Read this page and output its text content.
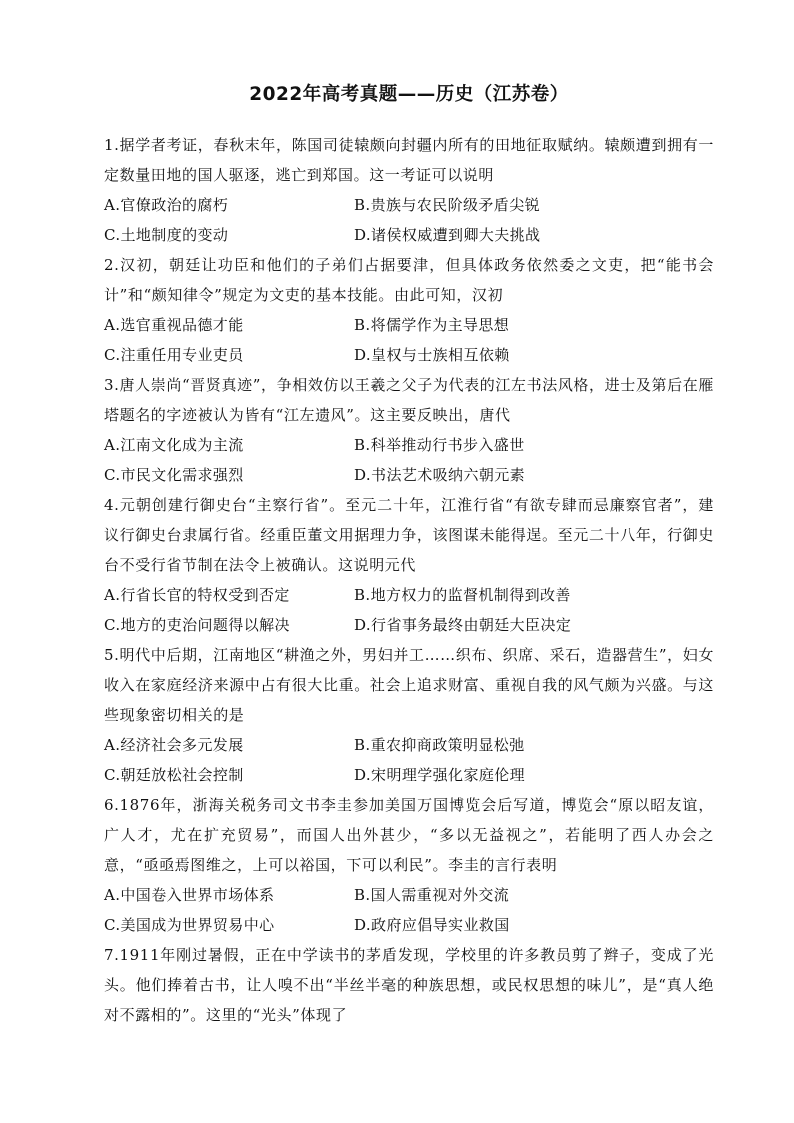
2022年高考真题——历史（江苏卷）

1.据学者考证，春秋末年，陈国司徒辕颇向封疆内所有的田地征取赋纳。辕颇遭到拥有一定数量田地的国人驱逐，逃亡到郑国。这一考证可以说明

A.官僚政治的腐朽	B.贵族与农民阶级矛盾尖锐
C.土地制度的变动	D.诸侯权威遭到卿大夫挑战

2.汉初，朝廷让功臣和他们的子弟们占据要津，但具体政务依然委之文吏，把“能书会计”和“颇知律令”规定为文吏的基本技能。由此可知，汉初

A.选官重视品德才能	B.将儒学作为主导思想
C.注重任用专业吏员	D.皇权与士族相互依赖

3.唐人崇尚“晋贤真迹”，争相效仿以王羲之父子为代表的江左书法风格，进士及第后在雁塔题名的字迹被认为皆有“江左遗风”。这主要反映出，唐代

A.江南文化成为主流	B.科举推动行书步入盛世
C.市民文化需求强烈	D.书法艺术吸纳六朝元素

4.元朝创建行御史台“主察行省”。至元二十年，江淮行省“有欲专肆而忌廉察官者”，建议行御史台隶属行省。经重臣董文用据理力争，该图谋未能得逞。至元二十八年，行御史台不受行省节制在法令上被确认。这说明元代

A.行省长官的特权受到否定	B.地方权力的监督机制得到改善
C.地方的吏治问题得以解决	D.行省事务最终由朝廷大臣决定

5.明代中后期，江南地区“耕渔之外，男妇并工……织布、织席、采石，造器营生”，妇女收入在家庭经济来源中占有很大比重。社会上追求财富、重视自我的风气颇为兴盛。与这些现象密切相关的是

A.经济社会多元发展	B.重农抑商政策明显松弛
C.朝廷放松社会控制	D.宋明理学强化家庭伦理

6.1876年，浙海关税务司文书李圭参加美国万国博览会后写道，博览会“原以昭友谊，广人才，尤在扩充贸易”，而国人出外甚少，“多以无益视之”，若能明了西人办会之意，“亟亟焉图维之，上可以裕国，下可以利民”。李圭的言行表明

A.中国卷入世界市场体系	B.国人需重视对外交流
C.美国成为世界贸易中心	D.政府应倡导实业救国

7.1911年刚过暑假，正在中学读书的茅盾发现，学校里的许多教员剪了辫子，变成了光头。他们捧着古书，让人嗅不出“半丝半毫的种族思想，或民权思想的味儿”，是“真人绝对不露相的”。这里的“光头”体现了
